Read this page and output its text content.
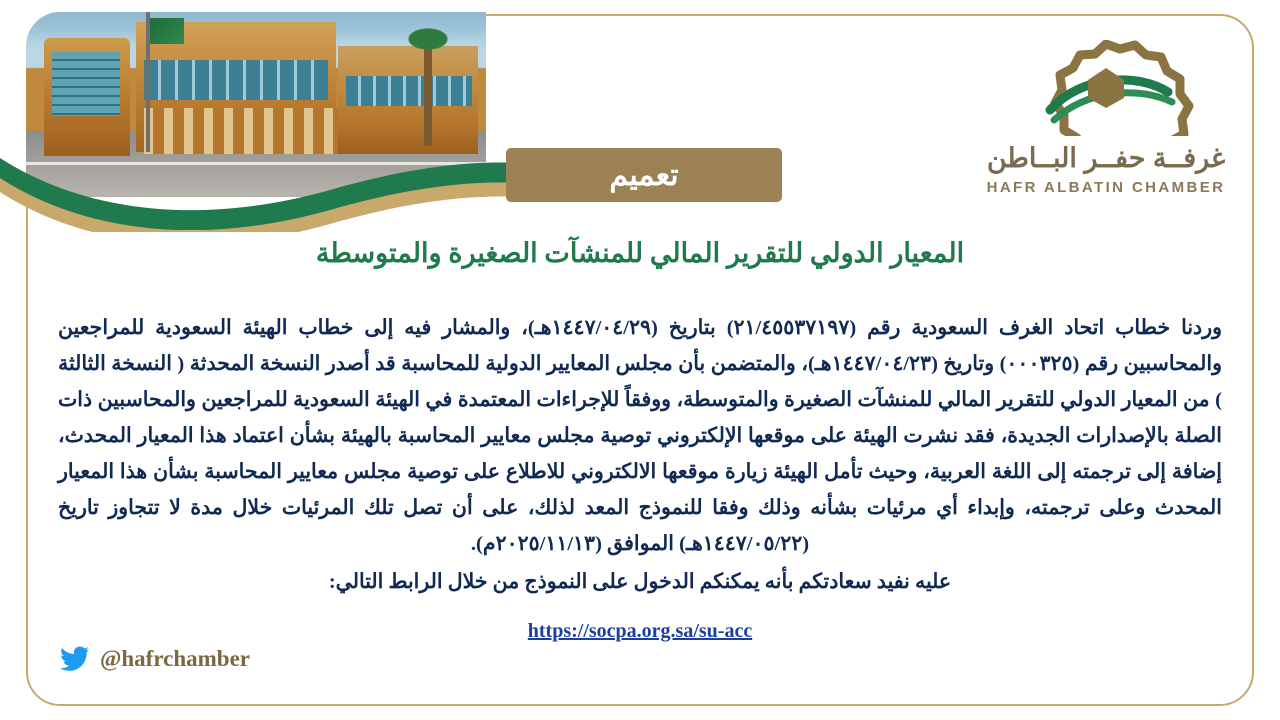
غرفــة حفــر البــاطن
HAFR ALBATIN CHAMBER
تعميم
المعيار الدولي للتقرير المالي للمنشآت الصغيرة والمتوسطة

وردنا خطاب اتحاد الغرف السعودية رقم (٢١/٤٥٥٣٧١٩٧) بتاريخ (١٤٤٧/٠٤/٢٩هـ)، والمشار فيه إلى خطاب الهيئة السعودية للمراجعين والمحاسبين رقم (٠٠٠٣٢٥) وتاريخ (١٤٤٧/٠٤/٢٣هـ)، والمتضمن بأن مجلس المعايير الدولية للمحاسبة قد أصدر النسخة المحدثة ( النسخة الثالثة ) من المعيار الدولي للتقرير المالي للمنشآت الصغيرة والمتوسطة، ووفقاً للإجراءات المعتمدة في الهيئة السعودية للمراجعين والمحاسبين ذات الصلة بالإصدارات الجديدة، فقد نشرت الهيئة على موقعها الإلكتروني توصية مجلس معايير المحاسبة بالهيئة بشأن اعتماد هذا المعيار المحدث، إضافة إلى ترجمته إلى اللغة العربية، وحيث تأمل الهيئة زيارة موقعها الالكتروني للاطلاع على توصية مجلس معايير المحاسبة بشأن هذا المعيار المحدث وعلى ترجمته، وإبداء أي مرئيات بشأنه وذلك وفقا للنموذج المعد لذلك، على أن تصل تلك المرئيات خلال مدة لا تتجاوز تاريخ (١٤٤٧/٠٥/٢٢هـ) الموافق (٢٠٢٥/١١/١٣م).

عليه نفيد سعادتكم بأنه يمكنكم الدخول على النموذج من خلال الرابط التالي:

https://socpa.org.sa/su-acc
@hafrchamber
